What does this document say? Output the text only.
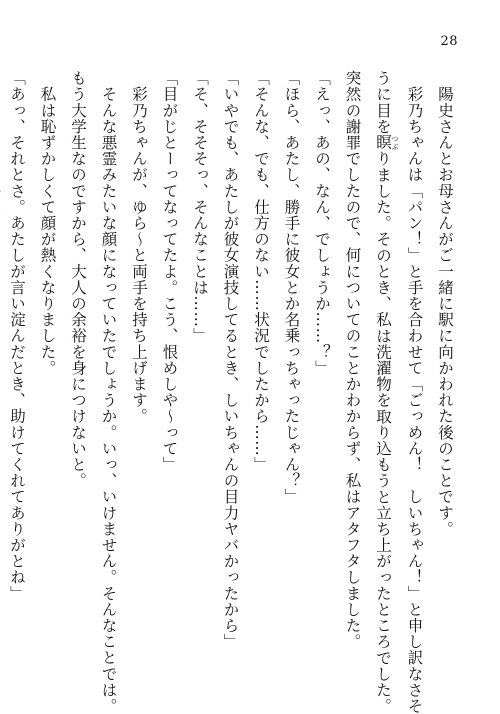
28
　陽史さんとお母さんがご一緒に駅に向かわれた後のことです。
　彩乃ちゃんは「パン！」と手を合わせて「ごっめん！　しいちゃん！」と申し訳なさそ
うに目を瞑 つぶりました。そのとき、私は洗濯物を取り込もうと立ち上がったところでした。
突然の謝罪でしたので、何についてのことかわからず、私はアタフタしました。
「えっ、あの、なん、でしょうか……？」
「ほら、あたし、勝手に彼女とか名乗っちゃったじゃん？」
「そんな、でも、仕方のない……状況でしたから……」
「いやでも、あたしが彼女演技してるとき、しいちゃんの目力ヤバかったから」
「そ、そそそっ、そんなことは……」
「目がじとーってなってたよ。こう、恨めしや～って」
　彩乃ちゃんが、ゆら～と両手を持ち上げます。
　そんな悪霊みたいな顔になっていたでしょうか。いっ、いけません。そんなことでは。
もう大学生なのですから、大人の余裕を身につけないと。
　私は恥ずかしくて顔が熱くなりました。
「あっ、それとさ。あたしが言い淀んだとき、助けてくれてありがとね」
